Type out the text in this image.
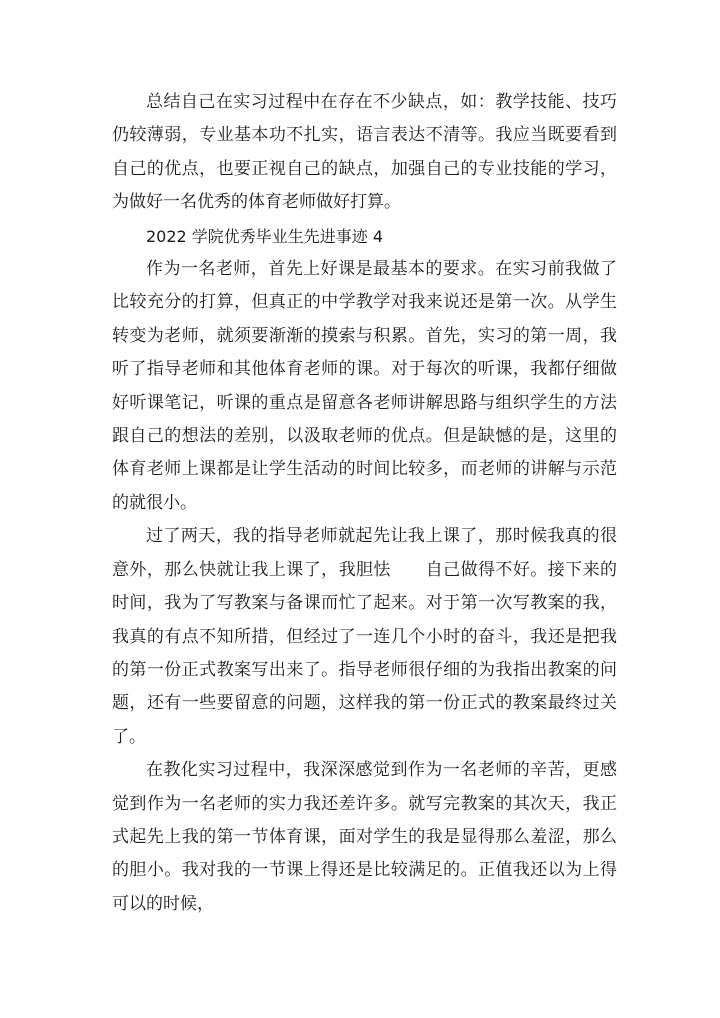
总结自己在实习过程中在存在不少缺点，如：教学技能、技巧仍较薄弱，专业基本功不扎实，语言表达不清等。我应当既要看到自己的优点，也要正视自己的缺点，加强自己的专业技能的学习，为做好一名优秀的体育老师做好打算。

2022 学院优秀毕业生先进事迹 4

作为一名老师，首先上好课是最基本的要求。在实习前我做了比较充分的打算，但真正的中学教学对我来说还是第一次。从学生转变为老师，就须要渐渐的摸索与积累。首先，实习的第一周，我听了指导老师和其他体育老师的课。对于每次的听课，我都仔细做好听课笔记，听课的重点是留意各老师讲解思路与组织学生的方法跟自己的想法的差别，以汲取老师的优点。但是缺憾的是，这里的体育老师上课都是让学生活动的时间比较多，而老师的讲解与示范的就很小。

过了两天，我的指导老师就起先让我上课了，那时候我真的很意外，那么快就让我上课了，我胆怯　　自己做得不好。接下来的时间，我为了写教案与备课而忙了起来。对于第一次写教案的我，我真的有点不知所措，但经过了一连几个小时的奋斗，我还是把我的第一份正式教案写出来了。指导老师很仔细的为我指出教案的问题，还有一些要留意的问题，这样我的第一份正式的教案最终过关了。

在教化实习过程中，我深深感觉到作为一名老师的辛苦，更感觉到作为一名老师的实力我还差许多。就写完教案的其次天，我正式起先上我的第一节体育课，面对学生的我是显得那么羞涩，那么的胆小。我对我的一节课上得还是比较满足的。正值我还以为上得可以的时候，
